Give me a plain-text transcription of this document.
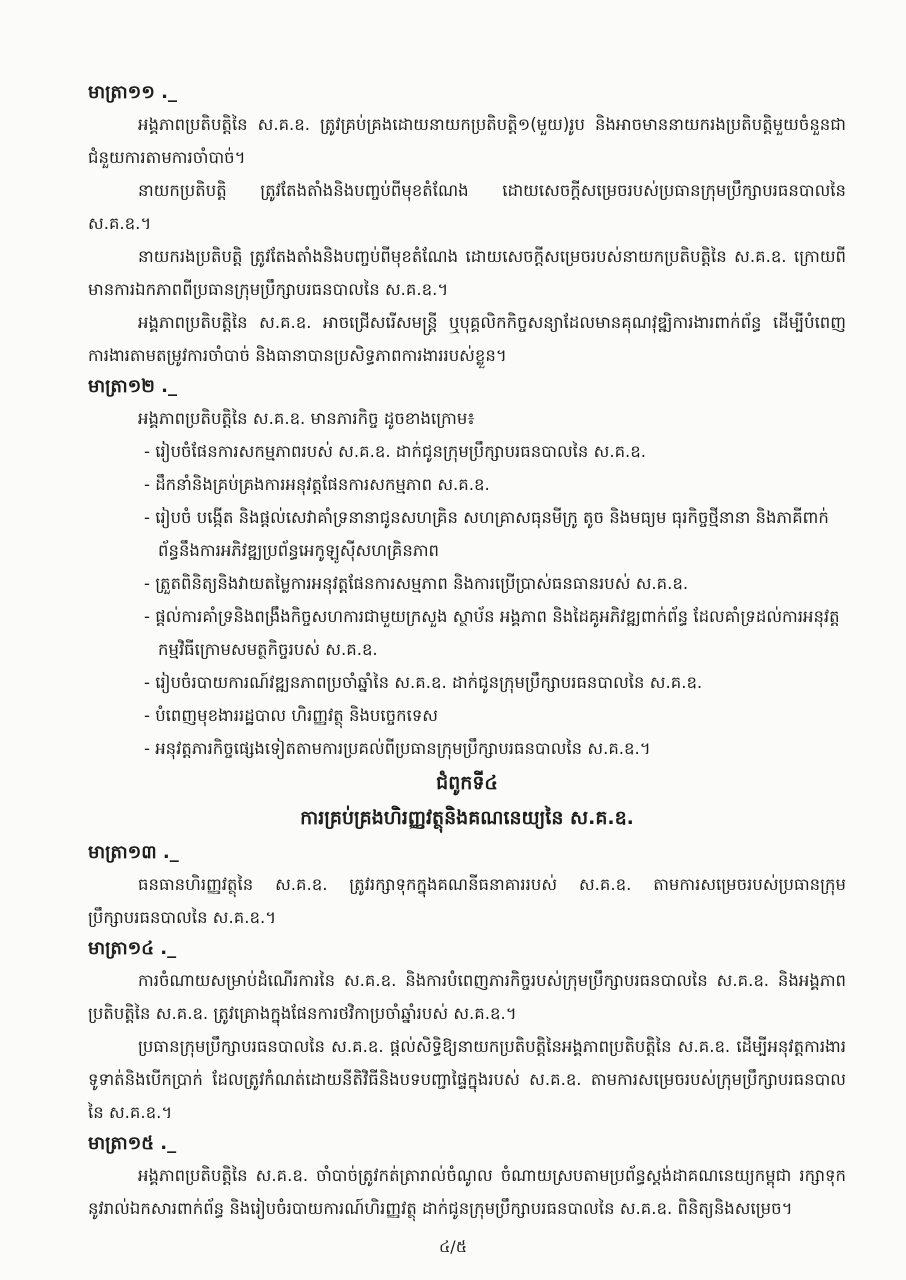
មាត្រា១១ ._

អង្គភាពប្រតិបត្តិនៃ ស.គ.ឧ. ត្រូវគ្រប់គ្រងដោយនាយកប្រតិបត្តិ១(មួយ)រូប និងអាចមាននាយករងប្រតិបត្តិមួយចំនួនជាជំនួយការតាមការចាំបាច់។

នាយកប្រតិបត្តិ ត្រូវតែងតាំងនិងបញ្ចប់ពីមុខតំណែង ដោយសេចក្តីសម្រេចរបស់ប្រធានក្រុមប្រឹក្សាបរធនបាលនៃ ស.គ.ឧ.។

នាយករងប្រតិបត្តិ ត្រូវតែងតាំងនិងបញ្ចប់ពីមុខតំណែង ដោយសេចក្តីសម្រេចរបស់នាយកប្រតិបត្តិនៃ ស.គ.ឧ. ក្រោយពីមានការឯកភាពពីប្រធានក្រុមប្រឹក្សាបរធនបាលនៃ ស.គ.ឧ.។

អង្គភាពប្រតិបត្តិនៃ ស.គ.ឧ. អាចជ្រើសរើសមន្ត្រី ឬបុគ្គលិកកិច្ចសន្យាដែលមានគុណវុឌ្ឍិការងារពាក់ព័ន្ធ ដើម្បីបំពេញការងារតាមតម្រូវការចាំបាច់ និងធានាបានប្រសិទ្ធភាពការងាររបស់ខ្លួន។

មាត្រា១២ ._

អង្គភាពប្រតិបត្តិនៃ ស.គ.ឧ. មានភារកិច្ច ដូចខាងក្រោម៖

- រៀបចំផែនការសកម្មភាពរបស់ ស.គ.ឧ. ដាក់ជូនក្រុមប្រឹក្សាបរធនបាលនៃ ស.គ.ឧ.
- ដឹកនាំនិងគ្រប់គ្រងការអនុវត្តផែនការសកម្មភាព ស.គ.ឧ.
- រៀបចំ បង្កើត និងផ្តល់សេវាគាំទ្រនានាជូនសហគ្រិន សហគ្រាសធុនមីក្រូ តូច និងមធ្យម ធុរកិច្ចថ្មីនានា និងភាគីពាក់ព័ន្ធនឹងការអភិវឌ្ឍប្រព័ន្ធអេកូឡូស៊ីសហគ្រិនភាព
- ត្រួតពិនិត្យនិងវាយតម្លៃការអនុវត្តផែនការសម្មភាព និងការប្រើប្រាស់ធនធានរបស់ ស.គ.ឧ.
- ផ្តល់ការគាំទ្រនិងពង្រឹងកិច្ចសហការជាមួយក្រសួង ស្ថាប័ន អង្គភាព និងដៃគូអភិវឌ្ឍពាក់ព័ន្ធ ដែលគាំទ្រដល់ការអនុវត្តកម្មវិធីក្រោមសមត្ថកិច្ចរបស់ ស.គ.ឧ.
- រៀបចំរបាយការណ៍វឌ្ឍនភាពប្រចាំឆ្នាំនៃ ស.គ.ឧ. ដាក់ជូនក្រុមប្រឹក្សាបរធនបាលនៃ ស.គ.ឧ.
- បំពេញមុខងាររដ្ឋបាល ហិរញ្ញវត្ថុ និងបច្ចេកទេស
- អនុវត្តភារកិច្ចផ្សេងទៀតតាមការប្រគល់ពីប្រធានក្រុមប្រឹក្សាបរធនបាលនៃ ស.គ.ឧ.។
ជំពូកទី៤
ការគ្រប់គ្រងហិរញ្ញវត្ថុនិងគណនេយ្យនៃ ស.គ.ឧ.
មាត្រា១៣ ._

ធនធានហិរញ្ញវត្ថុនៃ ស.គ.ឧ. ត្រូវរក្សាទុកក្នុងគណនីធនាគាររបស់ ស.គ.ឧ. តាមការសម្រេចរបស់ប្រធានក្រុមប្រឹក្សាបរធនបាលនៃ ស.គ.ឧ.។

មាត្រា១៤ ._

ការចំណាយសម្រាប់ដំណើរការនៃ ស.គ.ឧ. និងការបំពេញភារកិច្ចរបស់ក្រុមប្រឹក្សាបរធនបាលនៃ ស.គ.ឧ. និងអង្គភាពប្រតិបត្តិនៃ ស.គ.ឧ. ត្រូវគ្រោងក្នុងផែនការថវិកាប្រចាំឆ្នាំរបស់ ស.គ.ឧ.។

ប្រធានក្រុមប្រឹក្សាបរធនបាលនៃ ស.គ.ឧ. ផ្តល់សិទ្ធិឱ្យនាយកប្រតិបត្តិនៃអង្គភាពប្រតិបត្តិនៃ ស.គ.ឧ. ដើម្បីអនុវត្តការងារទូទាត់និងបើកប្រាក់ ដែលត្រូវកំណត់ដោយនីតិវិធីនិងបទបញ្ជាផ្ទៃក្នុងរបស់ ស.គ.ឧ. តាមការសម្រេចរបស់ក្រុមប្រឹក្សាបរធនបាលនៃ ស.គ.ឧ.។

មាត្រា១៥ ._

អង្គភាពប្រតិបត្តិនៃ ស.គ.ឧ. ចាំបាច់ត្រូវកត់ត្រារាល់ចំណូល ចំណាយស្របតាមប្រព័ន្ធស្តង់ដាគណនេយ្យកម្ពុជា រក្សាទុកនូវរាល់ឯកសារពាក់ព័ន្ធ និងរៀបចំរបាយការណ៍ហិរញ្ញវត្ថុ ដាក់ជូនក្រុមប្រឹក្សាបរធនបាលនៃ ស.គ.ឧ. ពិនិត្យនិងសម្រេច។

៤/៥
